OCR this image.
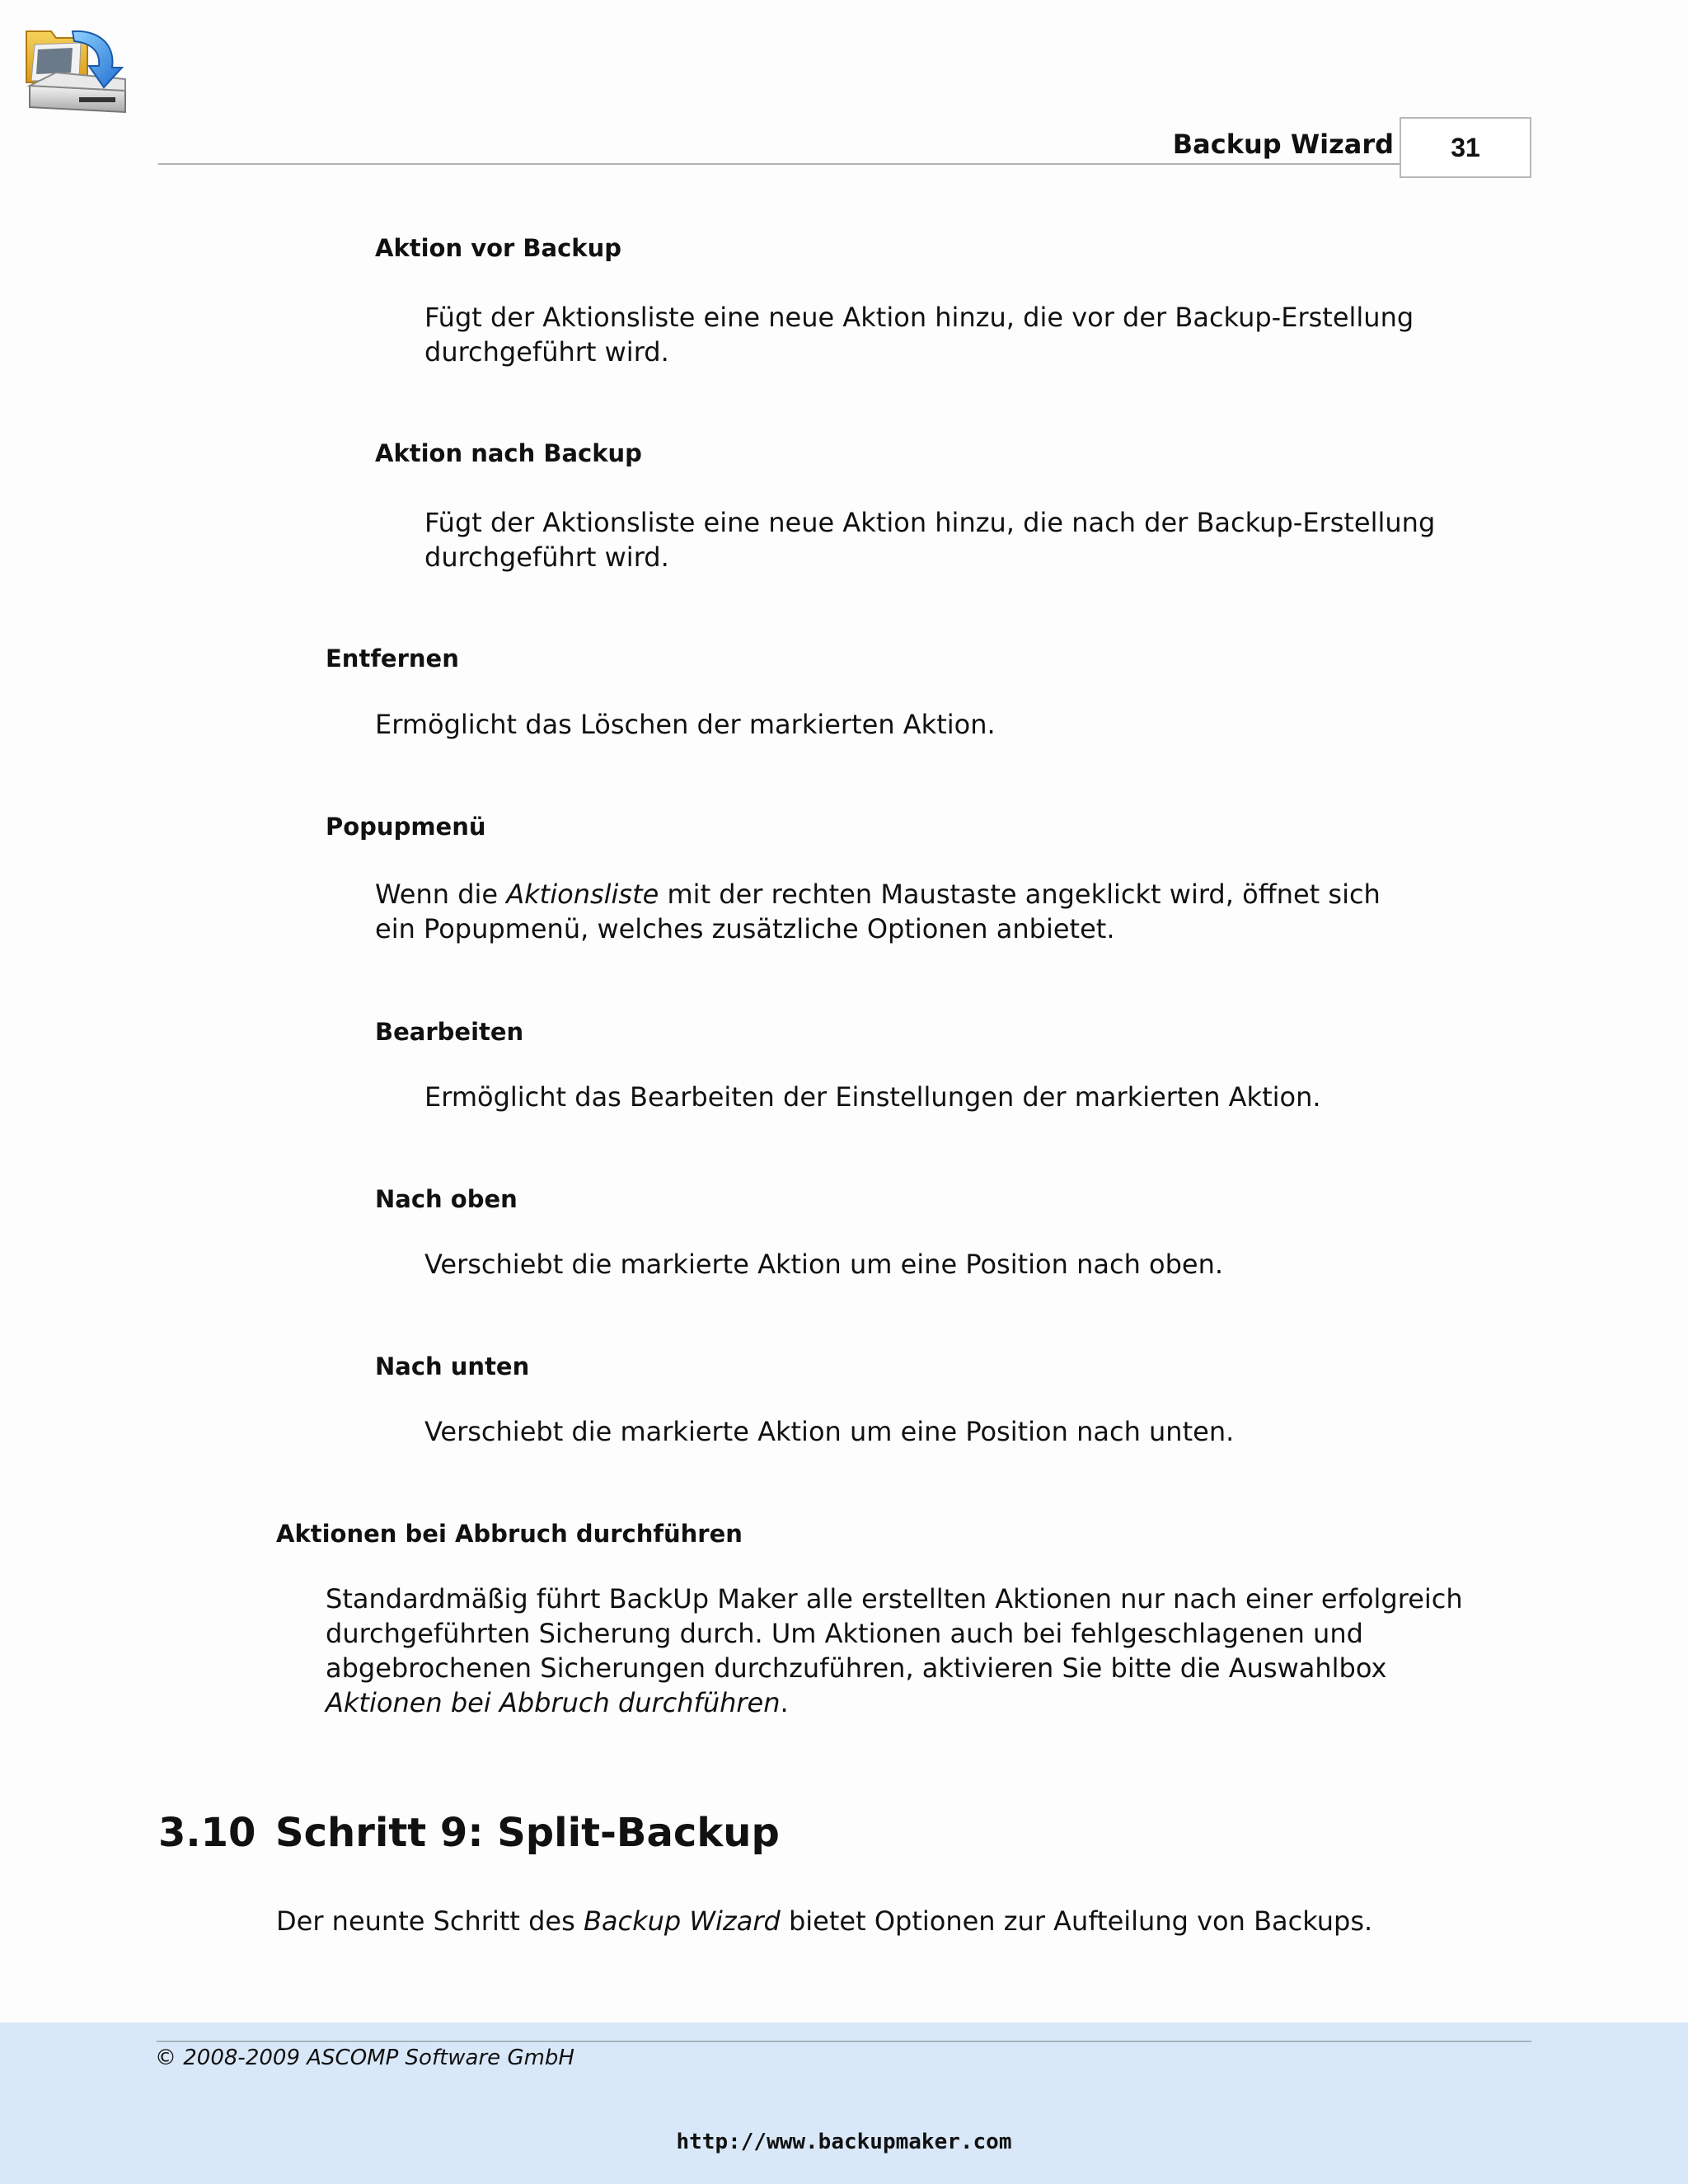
Backup Wizard	31
Aktion vor Backup
Fügt der Aktionsliste eine neue Aktion hinzu, die vor der Backup-Erstellung durchgeführt wird.
Aktion nach Backup
Fügt der Aktionsliste eine neue Aktion hinzu, die nach der Backup-Erstellung durchgeführt wird.
Entfernen
Ermöglicht das Löschen der markierten Aktion.
Popupmenü
Wenn die Aktionsliste mit der rechten Maustaste angeklickt wird, öffnet sich ein Popupmenü, welches zusätzliche Optionen anbietet.
Bearbeiten
Ermöglicht das Bearbeiten der Einstellungen der markierten Aktion.
Nach oben
Verschiebt die markierte Aktion um eine Position nach oben.
Nach unten
Verschiebt die markierte Aktion um eine Position nach unten.
Aktionen bei Abbruch durchführen
Standardmäßig führt BackUp Maker alle erstellten Aktionen nur nach einer erfolgreich durchgeführten Sicherung durch. Um Aktionen auch bei fehlgeschlagenen und abgebrochenen Sicherungen durchzuführen, aktivieren Sie bitte die Auswahlbox Aktionen bei Abbruch durchführen.
3.10 Schritt 9: Split-Backup
Der neunte Schritt des Backup Wizard bietet Optionen zur Aufteilung von Backups.
© 2008-2009 ASCOMP Software GmbH
http://www.backupmaker.com
